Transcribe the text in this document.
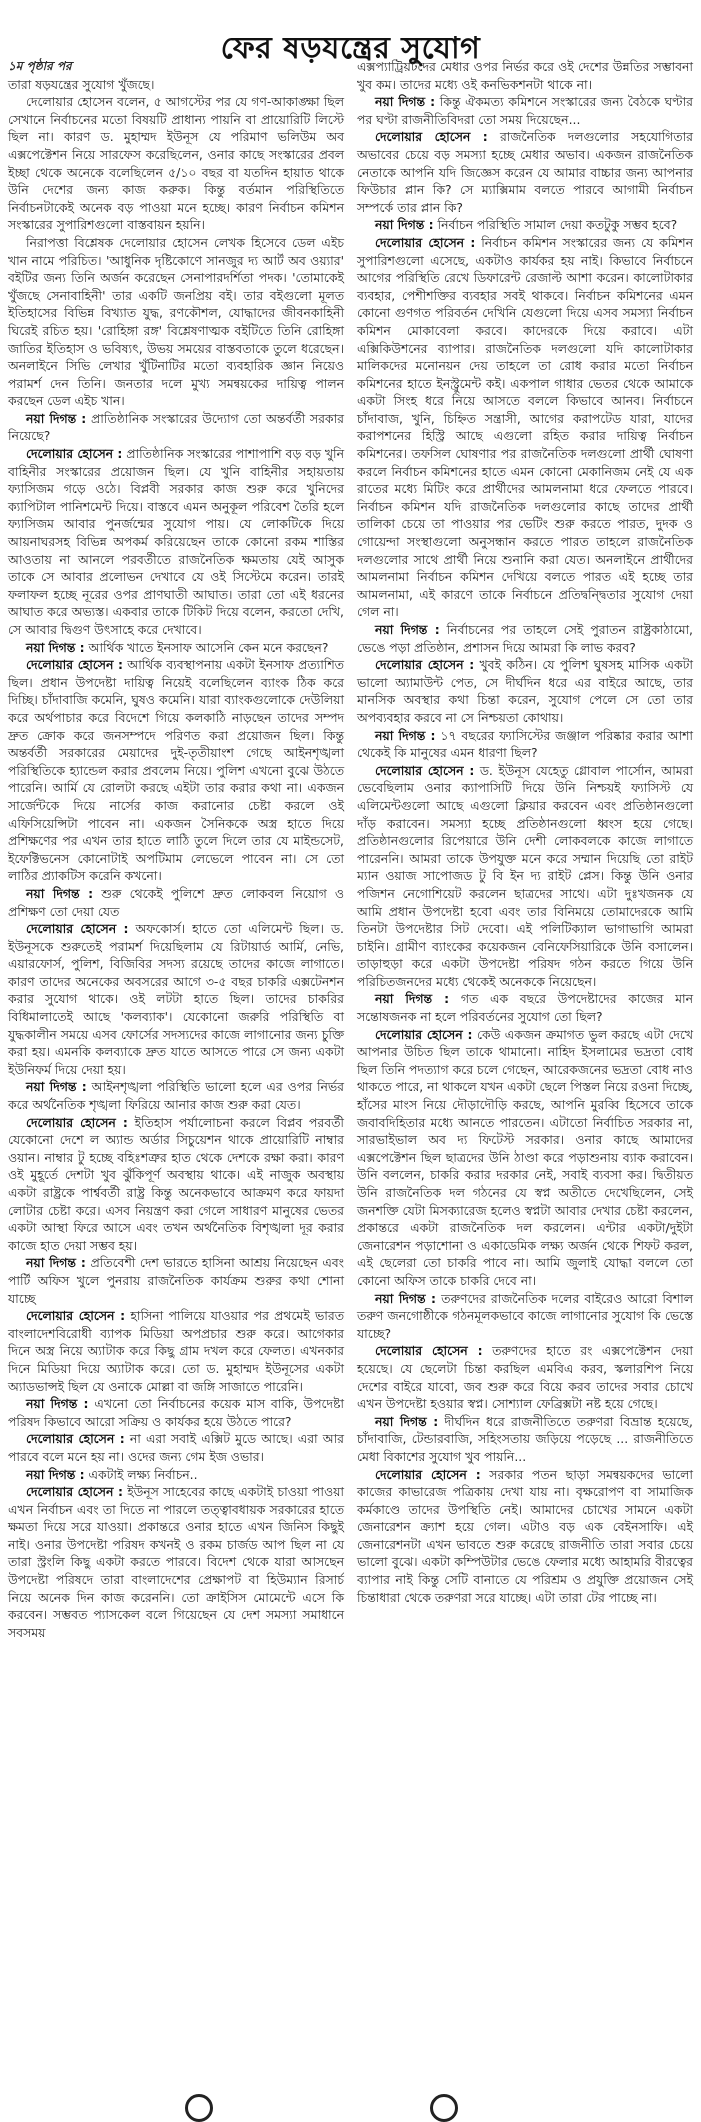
ফের ষড়যন্ত্রের সুযোগ

১ম পৃষ্ঠার পর

তারা ষড়যন্ত্রের সুযোগ খুঁজছে।

দেলোয়ার হোসেন বলেন, ৫ আগস্টের পর যে গণ-আকাঙ্ক্ষা ছিল সেখানে নির্বাচনের মতো বিষয়টি প্রাধান্য পায়নি বা প্রায়োরিটি লিস্টে ছিল না। কারণ ড. মুহাম্মদ ইউনূস যে পরিমাণ ভলিউম অব এক্সপেক্টেশন নিয়ে সারফেস করেছিলেন, ওনার কাছে সংস্কারের প্রবল ইচ্ছা থেকে অনেকে বলেছিলেন ৫/১০ বছর বা যতদিন হায়াত থাকে উনি দেশের জন্য কাজ করুক। কিন্তু বর্তমান পরিস্থিতিতে নির্বাচনটাকেই অনেক বড় পাওয়া মনে হচ্ছে। কারণ নির্বাচন কমিশন সংস্কারের সুপারিশগুলো বাস্তবায়ন হয়নি।

নিরাপত্তা বিশ্লেষক দেলোয়ার হোসেন লেখক হিসেবে ডেল এইচ খান নামে পরিচিত। 'আধুনিক দৃষ্টিকোণে সানজুর দ্য আর্ট অব ওয়্যার' বইটির জন্য তিনি অর্জন করেছেন সেনাপারদর্শিতা পদক। 'তোমাকেই খুঁজছে সেনাবাহিনী' তার একটি জনপ্রিয় বই। তার বইগুলো মূলত ইতিহাসের বিভিন্ন বিখ্যাত যুদ্ধ, রণকৌশল, যোদ্ধাদের জীবনকাহিনী ঘিরেই রচিত হয়। 'রোহিঙ্গা রঙ্গ' বিশ্লেষণাত্মক বইটিতে তিনি রোহিঙ্গা জাতির ইতিহাস ও ভবিষ্যৎ, উভয় সময়ের বাস্তবতাকে তুলে ধরেছেন। অনলাইনে সিভি লেখার খুঁটিনাটির মতো ব্যবহারিক জ্ঞান নিয়েও পরামর্শ দেন তিনি। জনতার দলে মুখ্য সমন্বয়কের দায়িত্ব পালন করছেন ডেল এইচ খান।

নয়া দিগন্ত : প্রাতিষ্ঠানিক সংস্কারের উদ্যোগ তো অন্তর্বর্তী সরকার নিয়েছে?

দেলোয়ার হোসেন : প্রাতিষ্ঠানিক সংস্কারের পাশাপাশি বড় বড় খুনি বাহিনীর সংস্কারের প্রয়োজন ছিল। যে খুনি বাহিনীর সহায়তায় ফ্যাসিজম গড়ে ওঠে। বিপ্লবী সরকার কাজ শুরু করে খুনিদের ক্যাপিটাল পানিশমেন্ট দিয়ে। বাস্তবে এমন অনুকূল পরিবেশ তৈরি হলে ফ্যাসিজম আবার পুনর্জন্মের সুযোগ পায়। যে লোকটিকে দিয়ে আয়নাঘরসহ বিভিন্ন অপকর্ম করিয়েছেন তাকে কোনো রকম শাস্তির আওতায় না আনলে পরবর্তীতে রাজনৈতিক ক্ষমতায় যেই আসুক তাকে সে আবার প্রলোভন দেখাবে যে ওই সিস্টেমে করেন। তারই ফলাফল হচ্ছে নূরের ওপর প্রাণঘাতী আঘাত। তারা তো এই ধরনের আঘাত করে অভ্যস্ত। একবার তাকে টিকিট দিয়ে বলেন, করতো দেখি, সে আবার দ্বিগুণ উৎসাহে করে দেখাবে।

নয়া দিগন্ত : আর্থিক খাতে ইনসাফ আসেনি কেন মনে করছেন?

দেলোয়ার হোসেন : আর্থিক ব্যবস্থাপনায় একটা ইনসাফ প্রত্যাশিত ছিল। প্রধান উপদেষ্টা দায়িত্ব নিয়েই বলেছিলেন ব্যাংক ঠিক করে দিচ্ছি। চাঁদাবাজি কমেনি, ঘুষও কমেনি। যারা ব্যাংকগুলোকে দেউলিয়া করে অর্থপাচার করে বিদেশে গিয়ে কলকাঠি নাড়ছেন তাদের সম্পদ দ্রুত ক্রোক করে জনসম্পদে পরিণত করা প্রয়োজন ছিল। কিন্তু অন্তর্বর্তী সরকারের মেয়াদের দুই-তৃতীয়াংশ গেছে আইনশৃঙ্খলা পরিস্থিতিকে হ্যান্ডেল করার প্রবলেম নিয়ে। পুলিশ এখনো বুঝে উঠতে পারেনি। আর্মি যে রোলটা করছে এইটা তার করার কথা না। একজন সার্জেন্টকে দিয়ে নার্সের কাজ করানোর চেষ্টা করলে ওই এফিসিয়েন্সিটা পাবেন না। একজন সৈনিককে অস্ত্র হাতে দিয়ে প্রশিক্ষণের পর এখন তার হাতে লাঠি তুলে দিলে তার যে মাইন্ডসেট, ইফেক্টিভনেস কোনোটাই অপটিমাম লেভেলে পাবেন না। সে তো লাঠির প্র্যাকটিস করেনি কখনো।

নয়া দিগন্ত : শুরু থেকেই পুলিশে দ্রুত লোকবল নিয়োগ ও প্রশিক্ষণ তো দেয়া যেত

দেলোয়ার হোসেন : অফকোর্স। হাতে তো এলিমেন্ট ছিল। ড. ইউনূসকে শুরুতেই পরামর্শ দিয়েছিলাম যে রিটায়ার্ড আর্মি, নেভি, এয়ারফোর্স, পুলিশ, বিজিবির সদস্য রয়েছে তাদের কাজে লাগাতে। কারণ তাদের অনেকের অবসরের আগে ৩-৫ বছর চাকরি এক্সটেনশন করার সুযোগ থাকে। ওই লটটা হাতে ছিল। তাদের চাকরির বিধিমালাতেই আছে 'কলব্যাক'। যেকোনো জরুরি পরিস্থিতি বা যুদ্ধকালীন সময়ে এসব ফোর্সের সদস্যদের কাজে লাগানোর জন্য চুক্তি করা হয়। এমনকি কলব্যাকে দ্রুত যাতে আসতে পারে সে জন্য একটা ইউনিফর্ম দিয়ে দেয়া হয়।

নয়া দিগন্ত : আইনশৃঙ্খলা পরিস্থিতি ভালো হলে এর ওপর নির্ভর করে অর্থনৈতিক শৃঙ্খলা ফিরিয়ে আনার কাজ শুরু করা যেত।

দেলোয়ার হোসেন : ইতিহাস পর্যালোচনা করলে বিপ্লব পরবর্তী যেকোনো দেশে ল অ্যান্ড অর্ডার সিচুয়েশন থাকে প্রায়োরিটি নাম্বার ওয়ান। নাম্বার টু হচ্ছে বহিঃশত্রুর হাত থেকে দেশকে রক্ষা করা। কারণ ওই মুহূর্তে দেশটা খুব ঝুঁকিপূর্ণ অবস্থায় থাকে। এই নাজুক অবস্থায় একটা রাষ্ট্রকে পার্শ্ববর্তী রাষ্ট্র কিন্তু অনেকভাবে আক্রমণ করে ফায়দা লোটার চেষ্টা করে। এসব নিয়ন্ত্রণ করা গেলে সাধারণ মানুষের ভেতর একটা আস্থা ফিরে আসে এবং তখন অর্থনৈতিক বিশৃঙ্খলা দূর করার কাজে হাত দেয়া সম্ভব হয়।

নয়া দিগন্ত : প্রতিবেশী দেশ ভারতে হাসিনা আশ্রয় নিয়েছেন এবং পার্টি অফিস খুলে পুনরায় রাজনৈতিক কার্যক্রম শুরুর কথা শোনা যাচ্ছে

দেলোয়ার হোসেন : হাসিনা পালিয়ে যাওয়ার পর প্রথমেই ভারত বাংলাদেশবিরোধী ব্যাপক মিডিয়া অপপ্রচার শুরু করে। আগেকার দিনে অস্ত্র নিয়ে অ্যাটাক করে কিছু গ্রাম দখল করে ফেলত। এখনকার দিনে মিডিয়া দিয়ে অ্যাটাক করে। তো ড. মুহাম্মদ ইউনূসের একটা অ্যাডভান্সই ছিল যে ওনাকে মোল্লা বা জঙ্গি সাজাতে পারেনি।

নয়া দিগন্ত : এখনো তো নির্বাচনের কয়েক মাস বাকি, উপদেষ্টা পরিষদ কিভাবে আরো সক্রিয় ও কার্যকর হয়ে উঠতে পারে?

দেলোয়ার হোসেন : না এরা সবাই এক্সিট মুডে আছে। এরা আর পারবে বলে মনে হয় না। ওদের জন্য গেম ইজ ওভার।

নয়া দিগন্ত : একটাই লক্ষ্য নির্বাচন..

দেলোয়ার হোসেন : ইউনূস সাহেবের কাছে একটাই চাওয়া পাওয়া এখন নির্বাচন এবং তা দিতে না পারলে তত্ত্বাবধায়ক সরকারের হাতে ক্ষমতা দিয়ে সরে যাওয়া। প্রকান্তরে ওনার হাতে এখন জিনিস কিছুই নাই। ওনার উপদেষ্টা পরিষদ কখনই ও রকম চার্জড আপ ছিল না যে তারা স্ট্রংলি কিছু একটা করতে পারবে। বিদেশ থেকে যারা আসছেন উপদেষ্টা পরিষদে তারা বাংলাদেশের প্রেক্ষাপট বা হিউম্যান রিসার্চ নিয়ে অনেক দিন কাজ করেননি। তো ক্রাইসিস মোমেন্টে এসে কি করবেন। সম্ভবত প্যাসকেল বলে গিয়েছেন যে দেশ সমস্যা সমাধানে সবসময়

এক্সপ্যাট্রিয়টদের মেধার ওপর নির্ভর করে ওই দেশের উন্নতির সম্ভাবনা খুব কম। তাদের মধ্যে ওই কনভিকশনটা থাকে না।

নয়া দিগন্ত : কিন্তু ঐকমত্য কমিশনে সংস্কারের জন্য বৈঠকে ঘণ্টার পর ঘণ্টা রাজনীতিবিদরা তো সময় দিয়েছেন...

দেলোয়ার হোসেন : রাজনৈতিক দলগুলোর সহযোগিতার অভাবের চেয়ে বড় সমস্যা হচ্ছে মেধার অভাব। একজন রাজনৈতিক নেতাকে আপনি যদি জিজ্ঞেস করেন যে আমার বাচ্চার জন্য আপনার ফিউচার প্লান কি? সে ম্যাক্সিমাম বলতে পারবে আগামী নির্বাচন সম্পর্কে তার প্লান কি?

নয়া দিগন্ত : নির্বাচন পরিস্থিতি সামাল দেয়া কতটুকু সম্ভব হবে?

দেলোয়ার হোসেন : নির্বাচন কমিশন সংস্কারের জন্য যে কমিশন সুপারিশগুলো এসেছে, একটাও কার্যকর হয় নাই। কিভাবে নির্বাচনে আগের পরিস্থিতি রেখে ডিফারেন্ট রেজাল্ট আশা করেন। কালোটাকার ব্যবহার, পেশীশক্তির ব্যবহার সবই থাকবে। নির্বাচন কমিশনের এমন কোনো গুণগত পরিবর্তন দেখিনি যেগুলো দিয়ে এসব সমস্যা নির্বাচন কমিশন মোকাবেলা করবে। কাদেরকে দিয়ে করাবে। এটা এক্সিকিউশনের ব্যাপার। রাজনৈতিক দলগুলো যদি কালোটাকার মালিকদের মনোনয়ন দেয় তাহলে তা রোধ করার মতো নির্বাচন কমিশনের হাতে ইনস্ট্রুমেন্ট কই। একপাল গাধার ভেতর থেকে আমাকে একটা সিংহ ধরে নিয়ে আসতে বললে কিভাবে আনব। নির্বাচনে চাঁদাবাজ, খুনি, চিহ্নিত সন্ত্রাসী, আগের করাপটেড যারা, যাদের করাপশনের হিস্ট্রি আছে এগুলো রহিত করার দায়িত্ব নির্বাচন কমিশনের। তফসিল ঘোষণার পর রাজনৈতিক দলগুলো প্রার্থী ঘোষণা করলে নির্বাচন কমিশনের হাতে এমন কোনো মেকানিজম নেই যে এক রাতের মধ্যে মিটিং করে প্রার্থীদের আমলনামা ধরে ফেলতে পারবে। নির্বাচন কমিশন যদি রাজনৈতিক দলগুলোর কাছে তাদের প্রার্থী তালিকা চেয়ে তা পাওয়ার পর ভেটিং শুরু করতে পারত, দুদক ও গোয়েন্দা সংস্থাগুলো অনুসন্ধান করতে পারত তাহলে রাজনৈতিক দলগুলোর সাথে প্রার্থী নিয়ে শুনানি করা যেত। অনলাইনে প্রার্থীদের আমলনামা নির্বাচন কমিশন দেখিয়ে বলতে পারত এই হচ্ছে তার আমলনামা, এই কারণে তাকে নির্বাচনে প্রতিদ্বন্দ্বিতার সুযোগ দেয়া গেল না।

নয়া দিগন্ত : নির্বাচনের পর তাহলে সেই পুরাতন রাষ্ট্রকাঠামো, ভেঙে পড়া প্রতিষ্ঠান, প্রশাসন দিয়ে আমরা কি লাভ করব?

দেলোয়ার হোসেন : খুবই কঠিন। যে পুলিশ ঘুষসহ মাসিক একটা ভালো অ্যামাউন্ট পেত, সে দীর্ঘদিন ধরে এর বাইরে আছে, তার মানসিক অবস্থার কথা চিন্তা করেন, সুযোগ পেলে সে তো তার অপব্যবহার করবে না সে নিশ্চয়তা কোথায়।

নয়া দিগন্ত : ১৭ বছরের ফ্যাসিস্টের জঞ্জাল পরিষ্কার করার আশা থেকেই কি মানুষের এমন ধারণা ছিল?

দেলোয়ার হোসেন : ড. ইউনূস যেহেতু গ্লোবাল পার্সোন, আমরা ভেবেছিলাম ওনার ক্যাপাসিটি দিয়ে উনি নিশ্চয়ই ফ্যাসিস্ট যে এলিমেন্টগুলো আছে এগুলো ক্লিয়ার করবেন এবং প্রতিষ্ঠানগুলো দাঁড় করাবেন। সমস্যা হচ্ছে প্রতিষ্ঠানগুলো ধ্বংস হয়ে গেছে। প্রতিষ্ঠানগুলোর রিপেয়ারে উনি দেশী লোকবলকে কাজে লাগাতে পারেননি। আমরা তাকে উপযুক্ত মনে করে সম্মান দিয়েছি তো রাইট ম্যান ওয়াজ সাপোজড টু বি ইন দ্য রাইট প্লেস। কিন্তু উনি ওনার পজিশন নেগোশিয়েট করলেন ছাত্রদের সাথে। এটা দুঃখজনক যে আমি প্রধান উপদেষ্টা হবো এবং তার বিনিময়ে তোমাদেরকে আমি তিনটা উপদেষ্টার সিট দেবো। এই পলিটিক্যাল ভাগাভাগি আমরা চাইনি। গ্রামীণ ব্যাংকের কয়েকজন বেনিফেসিয়ারিকে উনি বসালেন। তাড়াহুড়া করে একটা উপদেষ্টা পরিষদ গঠন করতে গিয়ে উনি পরিচিতজনদের মধ্যে থেকেই অনেককে নিয়েছেন।

নয়া দিগন্ত : গত এক বছরে উপদেষ্টাদের কাজের মান সন্তোষজনক না হলে পরিবর্তনের সুযোগ তো ছিল?

দেলোয়ার হোসেন : কেউ একজন ক্রমাগত ভুল করছে এটা দেখে আপনার উচিত ছিল তাকে থামানো। নাহিদ ইসলামের ভদ্রতা বোধ ছিল তিনি পদত্যাগ করে চলে গেছেন, আরেকজনের ভদ্রতা বোধ নাও থাকতে পারে, না থাকলে যখন একটা ছেলে পিস্তল নিয়ে রওনা দিচ্ছে, হাঁসের মাংস নিয়ে দৌড়াদৌড়ি করছে, আপনি মুরব্বি হিসেবে তাকে জবাবদিহিতার মধ্যে আনতে পারতেন। এটাতো নির্বাচিত সরকার না, সারভাইভাল অব দ্য ফিটেস্ট সরকার। ওনার কাছে আমাদের এক্সপেক্টেশন ছিল ছাত্রদের উনি ঠাণ্ডা করে পড়াশুনায় ব্যাক করাবেন। উনি বললেন, চাকরি করার দরকার নেই, সবাই ব্যবসা কর। দ্বিতীয়ত উনি রাজনৈতিক দল গঠনের যে স্বপ্ন অতীতে দেখেছিলেন, সেই জনশক্তি যেটা মিসক্যারেজ হলেও স্বপ্নটা আবার দেখার চেষ্টা করলেন, প্রকান্তরে একটা রাজনৈতিক দল করলেন। এন্টার একটা/দুইটা জেনারেশন পড়াশোনা ও একাডেমিক লক্ষ্য অর্জন থেকে শিফট করল, এই ছেলেরা তো চাকরি পাবে না। আমি জুলাই যোদ্ধা বললে তো কোনো অফিস তাকে চাকরি দেবে না।

নয়া দিগন্ত : তরুণদের রাজনৈতিক দলের বাইরেও আরো বিশাল তরুণ জনগোষ্ঠীকে গঠনমূলকভাবে কাজে লাগানোর সুযোগ কি ভেস্তে যাচ্ছে?

দেলোয়ার হোসেন : তরুণদের হাতে রং এক্সপেক্টেশন দেয়া হয়েছে। যে ছেলেটা চিন্তা করছিল এমবিএ করব, স্কলারশিপ নিয়ে দেশের বাইরে যাবো, জব শুরু করে বিয়ে করব তাদের সবার চোখে এখন উপদেষ্টা হওয়ার স্বপ্ন। সোশ্যাল ফেব্রিক্সটা নষ্ট হয়ে গেছে।

নয়া দিগন্ত : দীর্ঘদিন ধরে রাজনীতিতে তরুণরা বিভ্রান্ত হয়েছে, চাঁদাবাজি, টেন্ডারবাজি, সহিংসতায় জড়িয়ে পড়েছে ... রাজনীতিতে মেধা বিকাশের সুযোগ খুব পায়নি...

দেলোয়ার হোসেন : সরকার পতন ছাড়া সমন্বয়কদের ভালো কাজের কাভারেজ পত্রিকায় দেখা যায় না। বৃক্ষরোপণ বা সামাজিক কর্মকাণ্ডে তাদের উপস্থিতি নেই। আমাদের চোখের সামনে একটা জেনারেশন ক্র্যাশ হয়ে গেল। এটাও বড় এক বেইনসাফি। এই জেনারেশনটা এখন ভাবতে শুরু করেছে রাজনীতি তারা সবার চেয়ে ভালো বুঝে। একটা কম্পিউটার ভেঙে ফেলার মধ্যে আহামরি বীরত্বের ব্যাপার নাই কিন্তু সেটি বানাতে যে পরিশ্রম ও প্রযুক্তি প্রয়োজন সেই চিন্তাধারা থেকে তরুণরা সরে যাচ্ছে। এটা তারা টের পাচ্ছে না।
